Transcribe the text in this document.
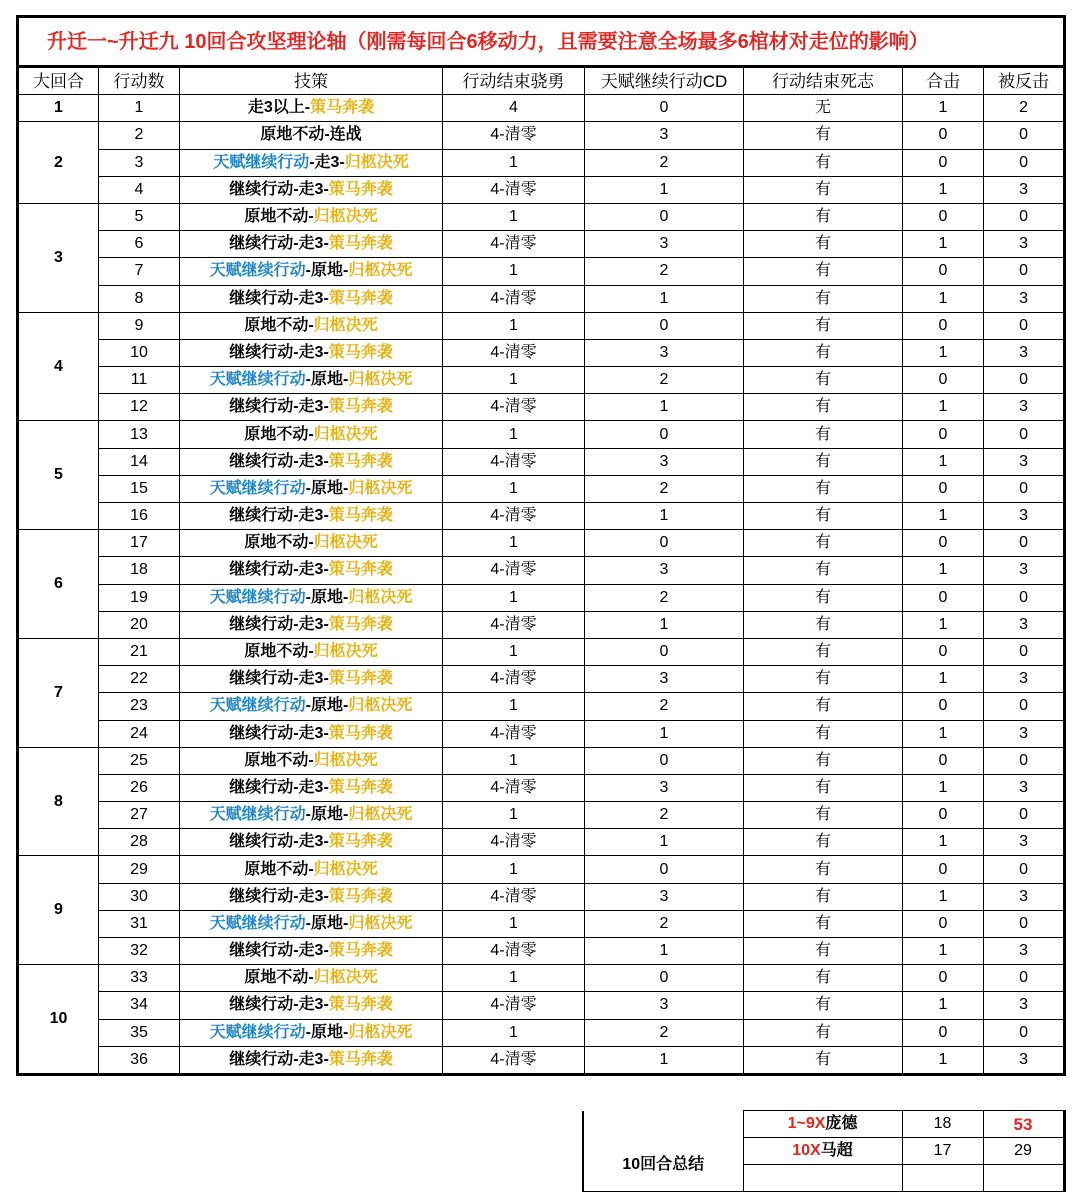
升迁一~升迁九 10回合攻坚理论轴（刚需每回合6移动力，且需要注意全场最多6棺材对走位的影响）							
大回合	行动数	技策	行动结束骁勇	天赋继续行动CD	行动结束死志	合击	被反击
1	1	走3以上-策马奔袭	4	0	无	1	2
2	2	原地不动-连战	4-清零	3	有	0	0
	3	天赋继续行动-走3-归柩决死	1	2	有	0	0
	4	继续行动-走3-策马奔袭	4-清零	1	有	1	3
3	5	原地不动-归柩决死	1	0	有	0	0
	6	继续行动-走3-策马奔袭	4-清零	3	有	1	3
	7	天赋继续行动-原地-归柩决死	1	2	有	0	0
	8	继续行动-走3-策马奔袭	4-清零	1	有	1	3
4	9	原地不动-归柩决死	1	0	有	0	0
	10	继续行动-走3-策马奔袭	4-清零	3	有	1	3
	11	天赋继续行动-原地-归柩决死	1	2	有	0	0
	12	继续行动-走3-策马奔袭	4-清零	1	有	1	3
5	13	原地不动-归柩决死	1	0	有	0	0
	14	继续行动-走3-策马奔袭	4-清零	3	有	1	3
	15	天赋继续行动-原地-归柩决死	1	2	有	0	0
	16	继续行动-走3-策马奔袭	4-清零	1	有	1	3
6	17	原地不动-归柩决死	1	0	有	0	0
	18	继续行动-走3-策马奔袭	4-清零	3	有	1	3
	19	天赋继续行动-原地-归柩决死	1	2	有	0	0
	20	继续行动-走3-策马奔袭	4-清零	1	有	1	3
7	21	原地不动-归柩决死	1	0	有	0	0
	22	继续行动-走3-策马奔袭	4-清零	3	有	1	3
	23	天赋继续行动-原地-归柩决死	1	2	有	0	0
	24	继续行动-走3-策马奔袭	4-清零	1	有	1	3
8	25	原地不动-归柩决死	1	0	有	0	0
	26	继续行动-走3-策马奔袭	4-清零	3	有	1	3
	27	天赋继续行动-原地-归柩决死	1	2	有	0	0
	28	继续行动-走3-策马奔袭	4-清零	1	有	1	3
9	29	原地不动-归柩决死	1	0	有	0	0
	30	继续行动-走3-策马奔袭	4-清零	3	有	1	3
	31	天赋继续行动-原地-归柩决死	1	2	有	0	0
	32	继续行动-走3-策马奔袭	4-清零	1	有	1	3
10	33	原地不动-归柩决死	1	0	有	0	0
	34	继续行动-走3-策马奔袭	4-清零	3	有	1	3
	35	天赋继续行动-原地-归柩决死	1	2	有	0	0
	36	继续行动-走3-策马奔袭	4-清零	1	有	1	3
10回合总结	1~9X庞德	18	53
	10X马超	17	29
